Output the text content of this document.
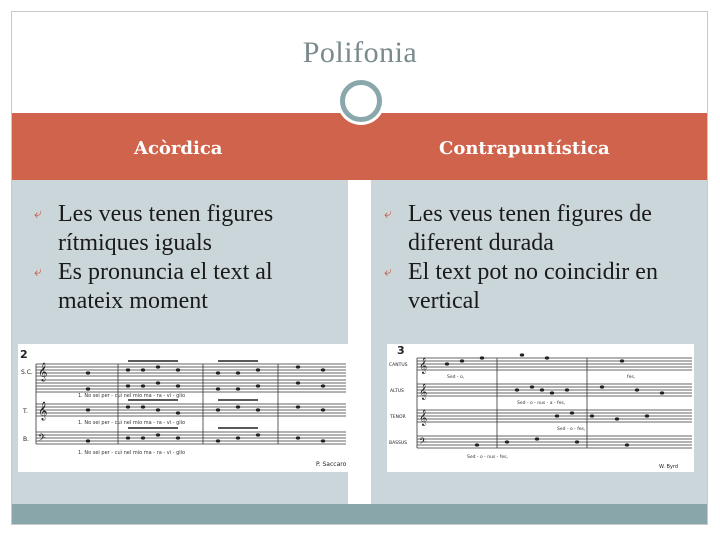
Polifonia
Acòrdica	Contrapuntística
⤶ Les veus tenen figures rítmiques iguals
⤶ Es pronuncia el text al mateix moment
⤶ Les veus tenen figures de diferent durada
⤶ El text pot no coincidir en vertical
2
S.C.
T.
B.
𝄞
𝄞
𝄢
1. No sei per - cuì nel mio ma - ra - vi - glio
1. No sei per - cuì nel mio ma - ra - vi - glio
1. No sei per - cuì nel mio ma - ra - vi - glio
P. Saccaro
3
CANTUS
ALTUS
TENOR
BASSUS
𝄞
𝄞
𝄞
𝄢
Sed - o,	fes,
Sed - o - nus - a - fes,
Sed - o - fes,
Sed - o - nus - fes,
W. Byrd
